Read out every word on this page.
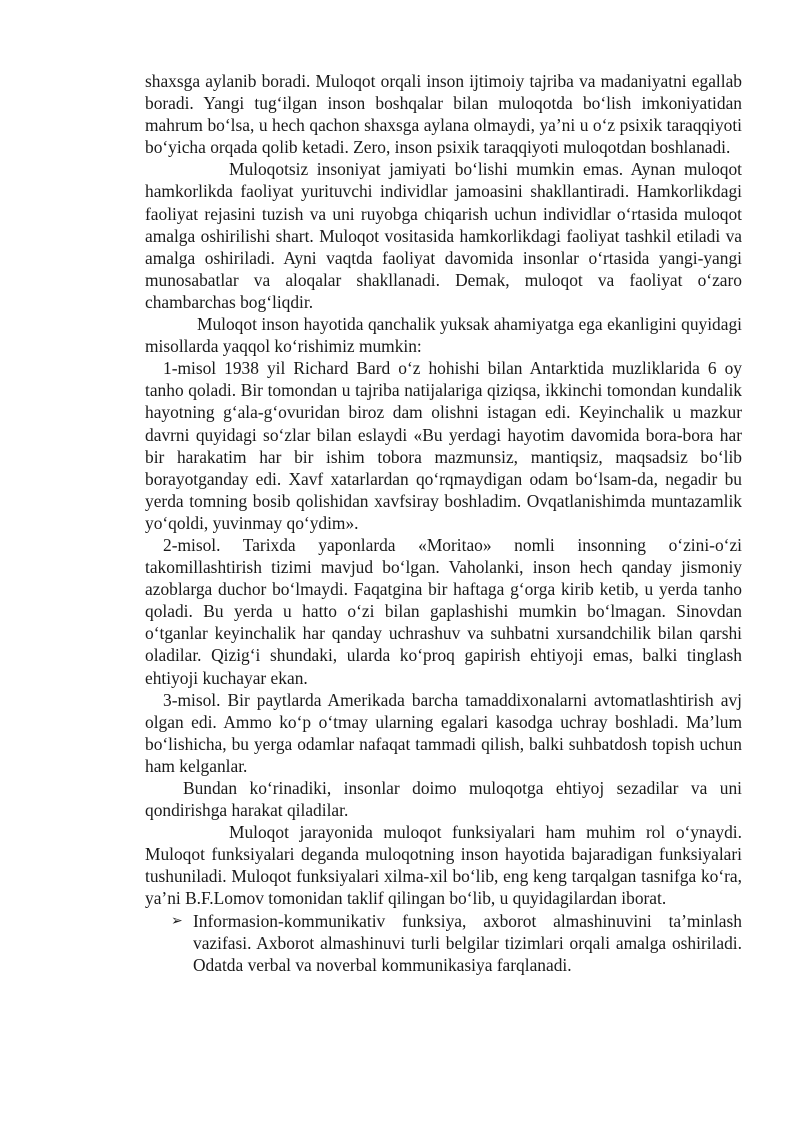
shaxsga aylanib boradi. Muloqot orqali inson ijtimoiy tajriba va madaniyatni egallab boradi. Yangi tug‘ilgan inson boshqalar bilan muloqotda bo‘lish imkoniyatidan mahrum bo‘lsa, u hech qachon shaxsga aylana olmaydi, ya’ni u o‘z psixik taraqqiyoti bo‘yicha orqada qolib ketadi. Zero, inson psixik taraqqiyoti muloqotdan boshlanadi.

Muloqotsiz insoniyat jamiyati bo‘lishi mumkin emas. Aynan muloqot hamkorlikda faoliyat yurituvchi individlar jamoasini shakllantiradi. Hamkorlikdagi faoliyat rejasini tuzish va uni ruyobga chiqarish uchun individlar o‘rtasida muloqot amalga oshirilishi shart. Muloqot vositasida hamkorlikdagi faoliyat tashkil etiladi va amalga oshiriladi. Ayni vaqtda faoliyat davomida insonlar o‘rtasida yangi-yangi munosabatlar va aloqalar shakllanadi. Demak, muloqot va faoliyat o‘zaro chambarchas bog‘liqdir.

Muloqot inson hayotida qanchalik yuksak ahamiyatga ega ekanligini quyidagi misollarda yaqqol ko‘rishimiz mumkin:

1-misol 1938 yil Richard Bard o‘z hohishi bilan Antarktida muzliklarida 6 oy tanho qoladi. Bir tomondan u tajriba natijalariga qiziqsa, ikkinchi tomondan kundalik hayotning g‘ala-g‘ovuridan biroz dam olishni istagan edi. Keyinchalik u mazkur davrni quyidagi so‘zlar bilan eslaydi «Bu yerdagi hayotim davomida bora-bora har bir harakatim har bir ishim tobora mazmunsiz, mantiqsiz, maqsadsiz bo‘lib borayotganday edi. Xavf xatarlardan qo‘rqmaydigan odam bo‘lsam-da, negadir bu yerda tomning bosib qolishidan xavfsiray boshladim. Ovqatlanishimda muntazamlik yo‘qoldi, yuvinmay qo‘ydim».

2-misol. Tarixda yaponlarda «Moritao» nomli insonning o‘zini-o‘zi takomillashtirish tizimi mavjud bo‘lgan. Vaholanki, inson hech qanday jismoniy azoblarga duchor bo‘lmaydi. Faqatgina bir haftaga g‘orga kirib ketib, u yerda tanho qoladi. Bu yerda u hatto o‘zi bilan gaplashishi mumkin bo‘lmagan. Sinovdan o‘tganlar keyinchalik har qanday uchrashuv va suhbatni xursandchilik bilan qarshi oladilar. Qizig‘i shundaki, ularda ko‘proq gapirish ehtiyoji emas, balki tinglash ehtiyoji kuchayar ekan.

3-misol. Bir paytlarda Amerikada barcha tamaddixonalarni avtomatlashtirish avj olgan edi. Ammo ko‘p o‘tmay ularning egalari kasodga uchray boshladi. Ma’lum bo‘lishicha, bu yerga odamlar nafaqat tammadi qilish, balki suhbatdosh topish uchun ham kelganlar.

Bundan ko‘rinadiki, insonlar doimo muloqotga ehtiyoj sezadilar va uni qondirishga harakat qiladilar.

Muloqot jarayonida muloqot funksiyalari ham muhim rol o‘ynaydi. Muloqot funksiyalari deganda muloqotning inson hayotida bajaradigan funksiyalari tushuniladi. Muloqot funksiyalari xilma-xil bo‘lib, eng keng tarqalgan tasnifga ko‘ra, ya’ni B.F.Lomov tomonidan taklif qilingan bo‘lib, u quyidagilardan iborat.

➢ Informasion-kommunikativ funksiya, axborot almashinuvini ta’minlash vazifasi. Axborot almashinuvi turli belgilar tizimlari orqali amalga oshiriladi. Odatda verbal va noverbal kommunikasiya farqlanadi.
